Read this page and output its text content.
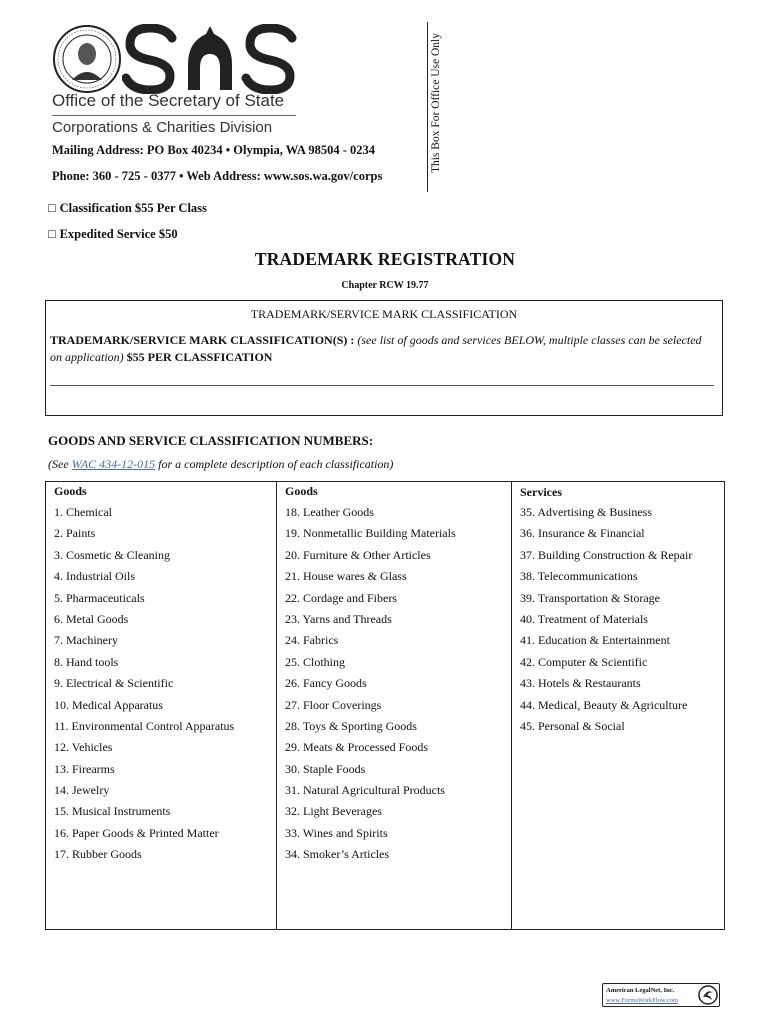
Office of the Secretary of State
Corporations & Charities Division
Mailing Address: PO Box 40234 • Olympia, WA 98504 - 0234
Phone: 360 - 725 - 0377 • Web Address: www.sos.wa.gov/corps
This Box For Office Use Only
□ Classification $55 Per Class
□ Expedited Service $50
TRADEMARK REGISTRATION
Chapter RCW 19.77
TRADEMARK/SERVICE MARK CLASSIFICATION
TRADEMARK/SERVICE MARK CLASSIFICATION(S) : (see list of goods and services BELOW, multiple classes can be selected on application) $55 PER CLASSFICATION
GOODS AND SERVICE CLASSIFICATION NUMBERS:
(See WAC 434-12-015 for a complete description of each classification)
Goods
1. Chemical
2. Paints
3. Cosmetic & Cleaning
4. Industrial Oils
5. Pharmaceuticals
6. Metal Goods
7. Machinery
8. Hand tools
9. Electrical & Scientific
10. Medical Apparatus
11. Environmental Control Apparatus
12. Vehicles
13. Firearms
14. Jewelry
15. Musical Instruments
16. Paper Goods & Printed Matter
17. Rubber Goods
Goods
18. Leather Goods
19. Nonmetallic Building Materials
20. Furniture & Other Articles
21. House wares & Glass
22. Cordage and Fibers
23. Yarns and Threads
24. Fabrics
25. Clothing
26. Fancy Goods
27. Floor Coverings
28. Toys & Sporting Goods
29. Meats & Processed Foods
30. Staple Foods
31. Natural Agricultural Products
32. Light Beverages
33. Wines and Spirits
34. Smoker’s Articles
Services
35. Advertising & Business
36. Insurance & Financial
37. Building Construction & Repair
38. Telecommunications
39. Transportation & Storage
40. Treatment of Materials
41. Education & Entertainment
42. Computer & Scientific
43. Hotels & Restaurants
44. Medical, Beauty & Agriculture
45. Personal & Social
American LegalNet, Inc.
www.FormsWorkFlow.com
